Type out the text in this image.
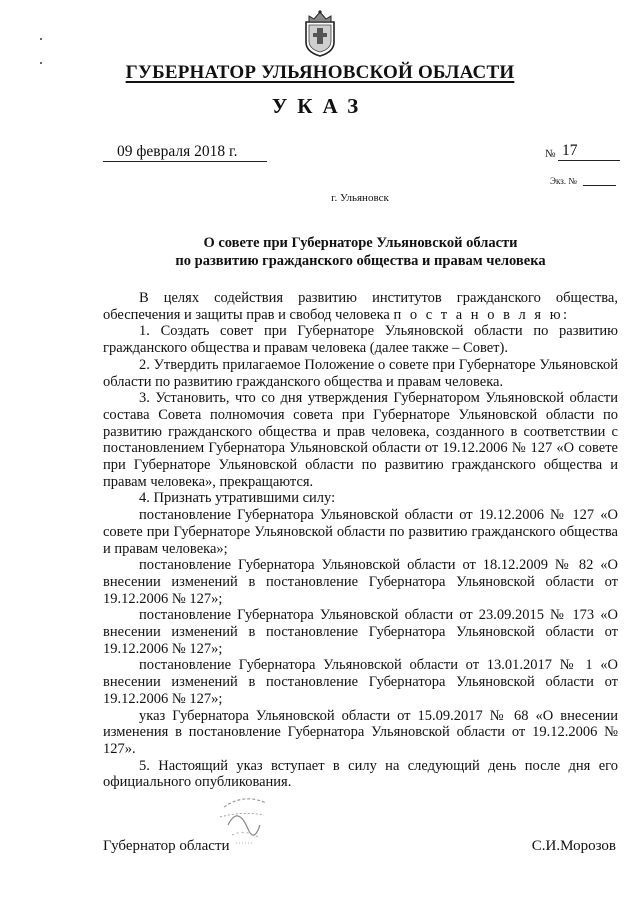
ГУБЕРНАТОР УЛЬЯНОВСКОЙ ОБЛАСТИ
УКАЗ
09 февраля 2018 г.	№ 17
Экз. №
г. Ульяновск
О совете при Губернаторе Ульяновской области
по развитию гражданского общества и правам человека

В целях содействия развитию институтов гражданского общества, обеспечения и защиты прав и свобод человека п о с т а н о в л я ю:

1. Создать совет при Губернаторе Ульяновской области по развитию гражданского общества и правам человека (далее также – Совет).

2. Утвердить прилагаемое Положение о совете при Губернаторе Ульяновской области по развитию гражданского общества и правам человека.

3. Установить, что со дня утверждения Губернатором Ульяновской области состава Совета полномочия совета при Губернаторе Ульяновской области по развитию гражданского общества и прав человека, созданного в соответствии с постановлением Губернатора Ульяновской области от 19.12.2006 № 127 «О совете при Губернаторе Ульяновской области по развитию гражданского общества и правам человека», прекращаются.

4. Признать утратившими силу:

постановление Губернатора Ульяновской области от 19.12.2006 № 127 «О совете при Губернаторе Ульяновской области по развитию гражданского общества и правам человека»;

постановление Губернатора Ульяновской области от 18.12.2009 № 82 «О внесении изменений в постановление Губернатора Ульяновской области от 19.12.2006 № 127»;

постановление Губернатора Ульяновской области от 23.09.2015 № 173 «О внесении изменений в постановление Губернатора Ульяновской области от 19.12.2006 № 127»;

постановление Губернатора Ульяновской области от 13.01.2017 № 1 «О внесении изменений в постановление Губернатора Ульяновской области от 19.12.2006 № 127»;

указ Губернатора Ульяновской области от 15.09.2017 № 68 «О внесении изменения в постановление Губернатора Ульяновской области от 19.12.2006 № 127».

5. Настоящий указ вступает в силу на следующий день после дня его официального опубликования.

Губернатор области	С.И.Морозов
